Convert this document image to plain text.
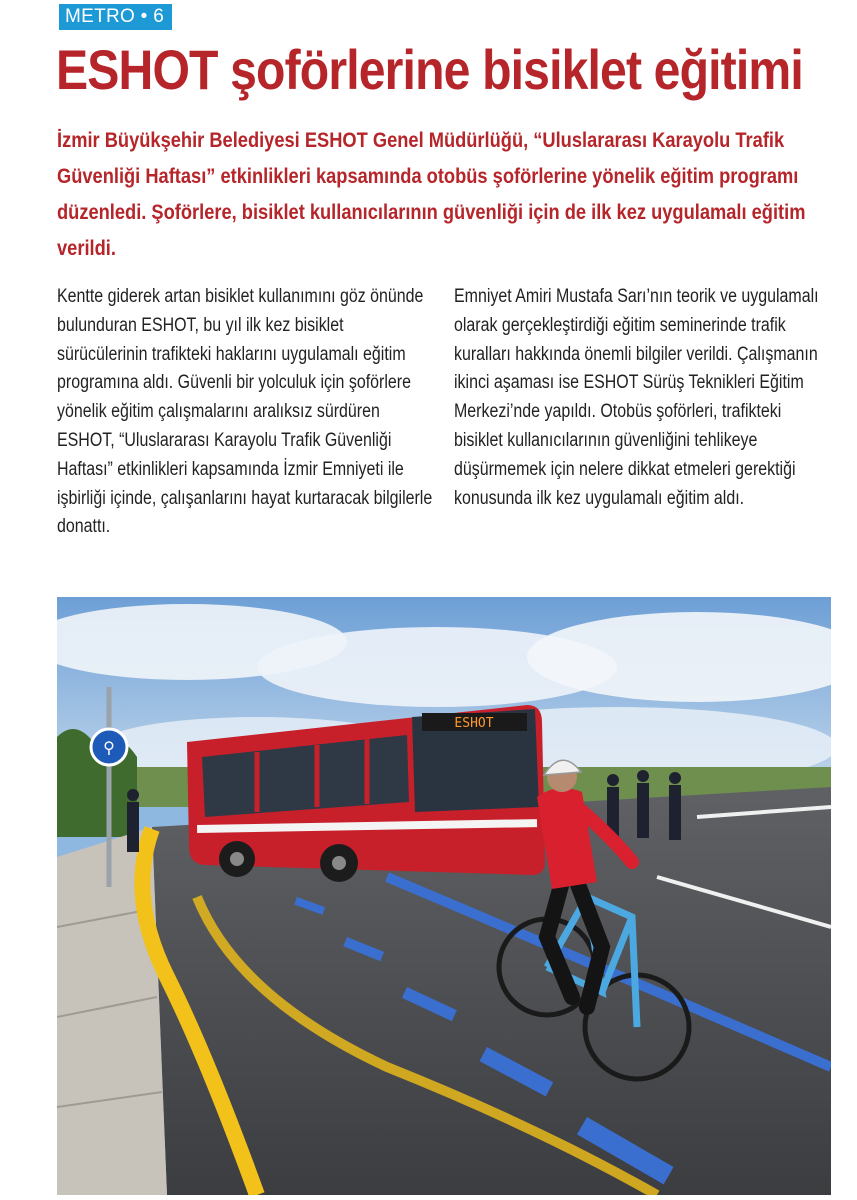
METRO • 6
ESHOT şoförlerine bisiklet eğitimi

İzmir Büyükşehir Belediyesi ESHOT Genel Müdürlüğü, “Uluslararası Karayolu Trafik Güvenliği Haftası” etkinlikleri kapsamında otobüs şoförlerine yönelik eğitim programı düzenledi. Şoförlere, bisiklet kullanıcılarının güvenliği için de ilk kez uygulamalı eğitim verildi.

Kentte giderek artan bisiklet kullanımını göz önünde bulunduran ESHOT, bu yıl ilk kez bisiklet sürücülerinin trafikteki haklarını uygulamalı eğitim programına aldı. Güvenli bir yolculuk için şoförlere yönelik eğitim çalışmalarını aralıksız sürdüren ESHOT, “Uluslararası Karayolu Trafik Güvenliği Haftası” etkinlikleri kapsamında İzmir Emniyeti ile işbirliği içinde, çalışanlarını hayat kurtaracak bilgilerle donattı.

Emniyet Amiri Mustafa Sarı’nın teorik ve uygulamalı olarak gerçekleştirdiği eğitim seminerinde trafik kuralları hakkında önemli bilgiler verildi. Çalışmanın ikinci aşaması ise ESHOT Sürüş Teknikleri Eğitim Merkezi’nde yapıldı. Otobüs şoförleri, trafikteki bisiklet kullanıcılarının güvenliğini tehlikeye düşürmemek için nelere dikkat etmeleri gerektiği konusunda ilk kez uygulamalı eğitim aldı.

⚲
ESHOT
